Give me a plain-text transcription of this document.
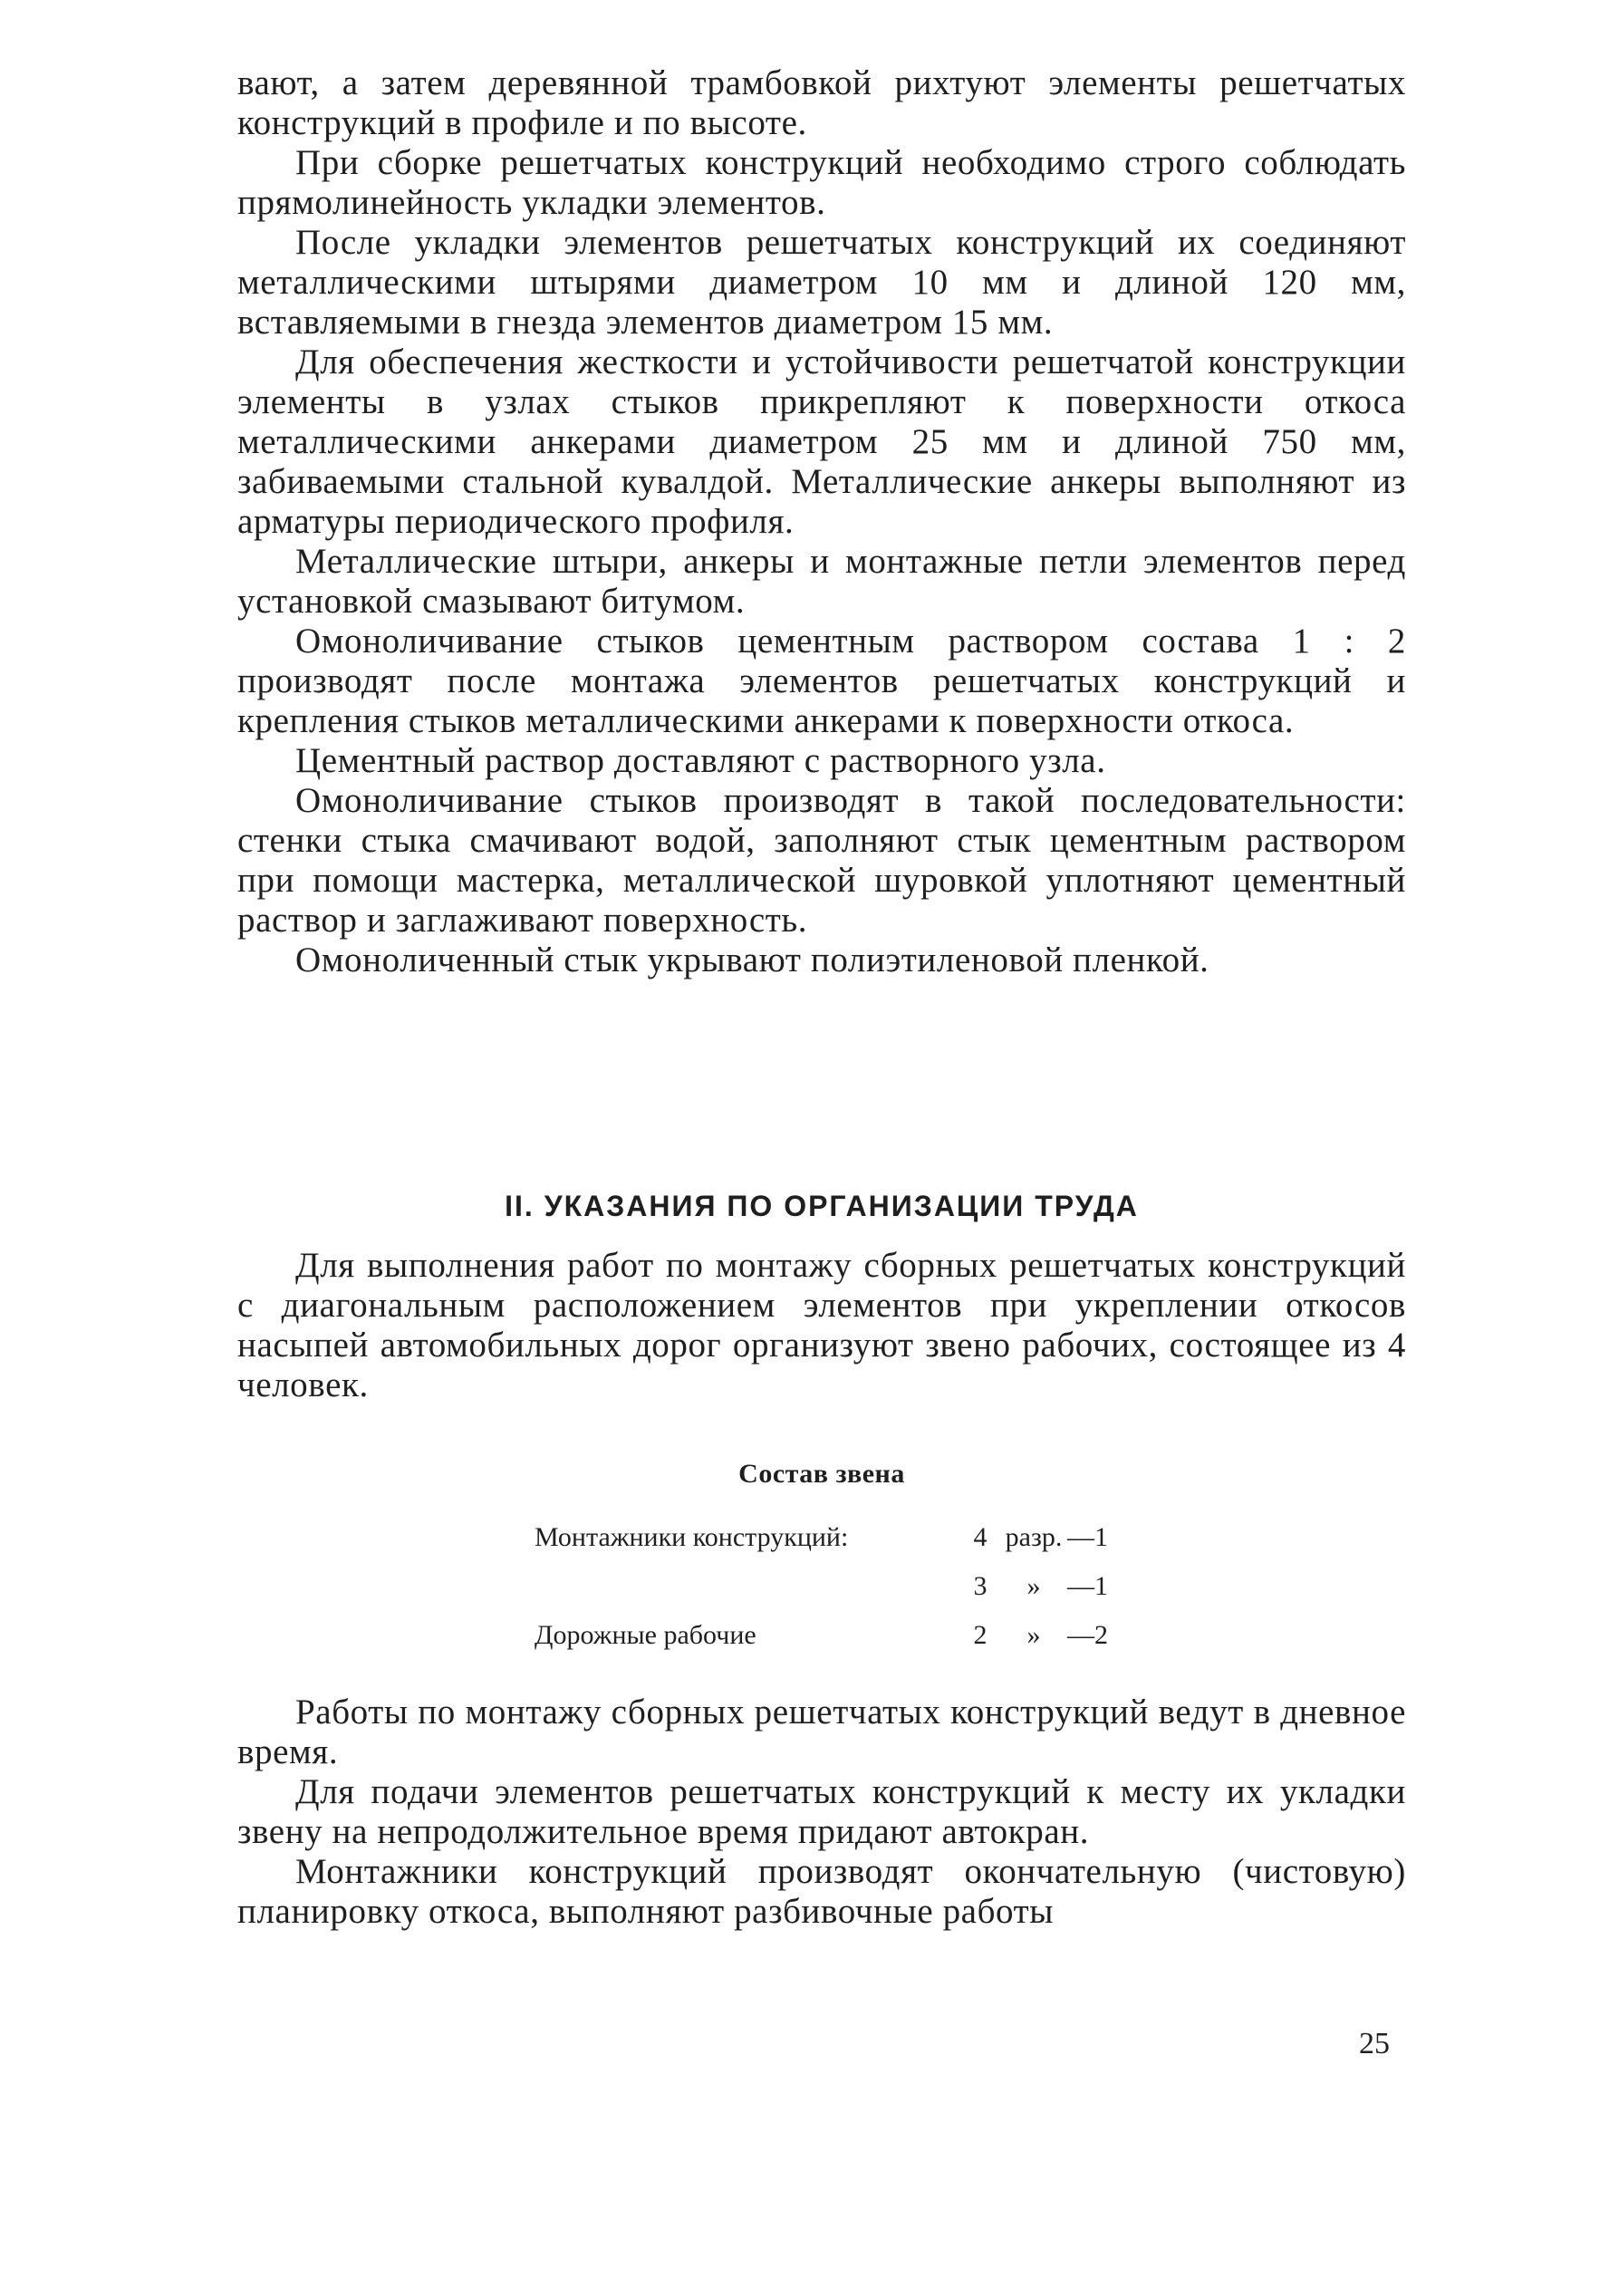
вают, а затем деревянной трамбовкой рихтуют элементы решетчатых конструкций в профиле и по высоте.

При сборке решетчатых конструкций необходимо строго соблюдать прямолинейность укладки элементов.

После укладки элементов решетчатых конструкций их соединяют металлическими штырями диаметром 10 мм и длиной 120 мм, вставляемыми в гнезда элементов диаметром 15 мм.

Для обеспечения жесткости и устойчивости решетчатой конструкции элементы в узлах стыков прикрепляют к поверхности откоса металлическими анкерами диаметром 25 мм и длиной 750 мм, забиваемыми стальной кувалдой. Металлические анкеры выполняют из арматуры периодического профиля.

Металлические штыри, анкеры и монтажные петли элементов перед установкой смазывают битумом.

Омоноличивание стыков цементным раствором состава 1 : 2 производят после монтажа элементов решетчатых конструкций и крепления стыков металлическими анкерами к поверхности откоса.

Цементный раствор доставляют с растворного узла.

Омоноличивание стыков производят в такой последовательности: стенки стыка смачивают водой, заполняют стык цементным раствором при помощи мастерка, металлической шуровкой уплотняют цементный раствор и заглаживают поверхность.

Омоноличенный стык укрывают полиэтиленовой пленкой.

II. УКАЗАНИЯ ПО ОРГАНИЗАЦИИ ТРУДА

Для выполнения работ по монтажу сборных решетчатых конструкций с диагональным расположением элементов при укреплении откосов насыпей автомобильных дорог организуют звено рабочих, состоящее из 4 человек.

Состав звена
Монтажники конструкций:	4	разр.	—1
	3	»	—1
Дорожные рабочие	2	»	—2

Работы по монтажу сборных решетчатых конструкций ведут в дневное время.

Для подачи элементов решетчатых конструкций к месту их укладки звену на непродолжительное время придают автокран.

Монтажники конструкций производят окончательную (чистовую) планировку откоса, выполняют разбивочные работы

25
